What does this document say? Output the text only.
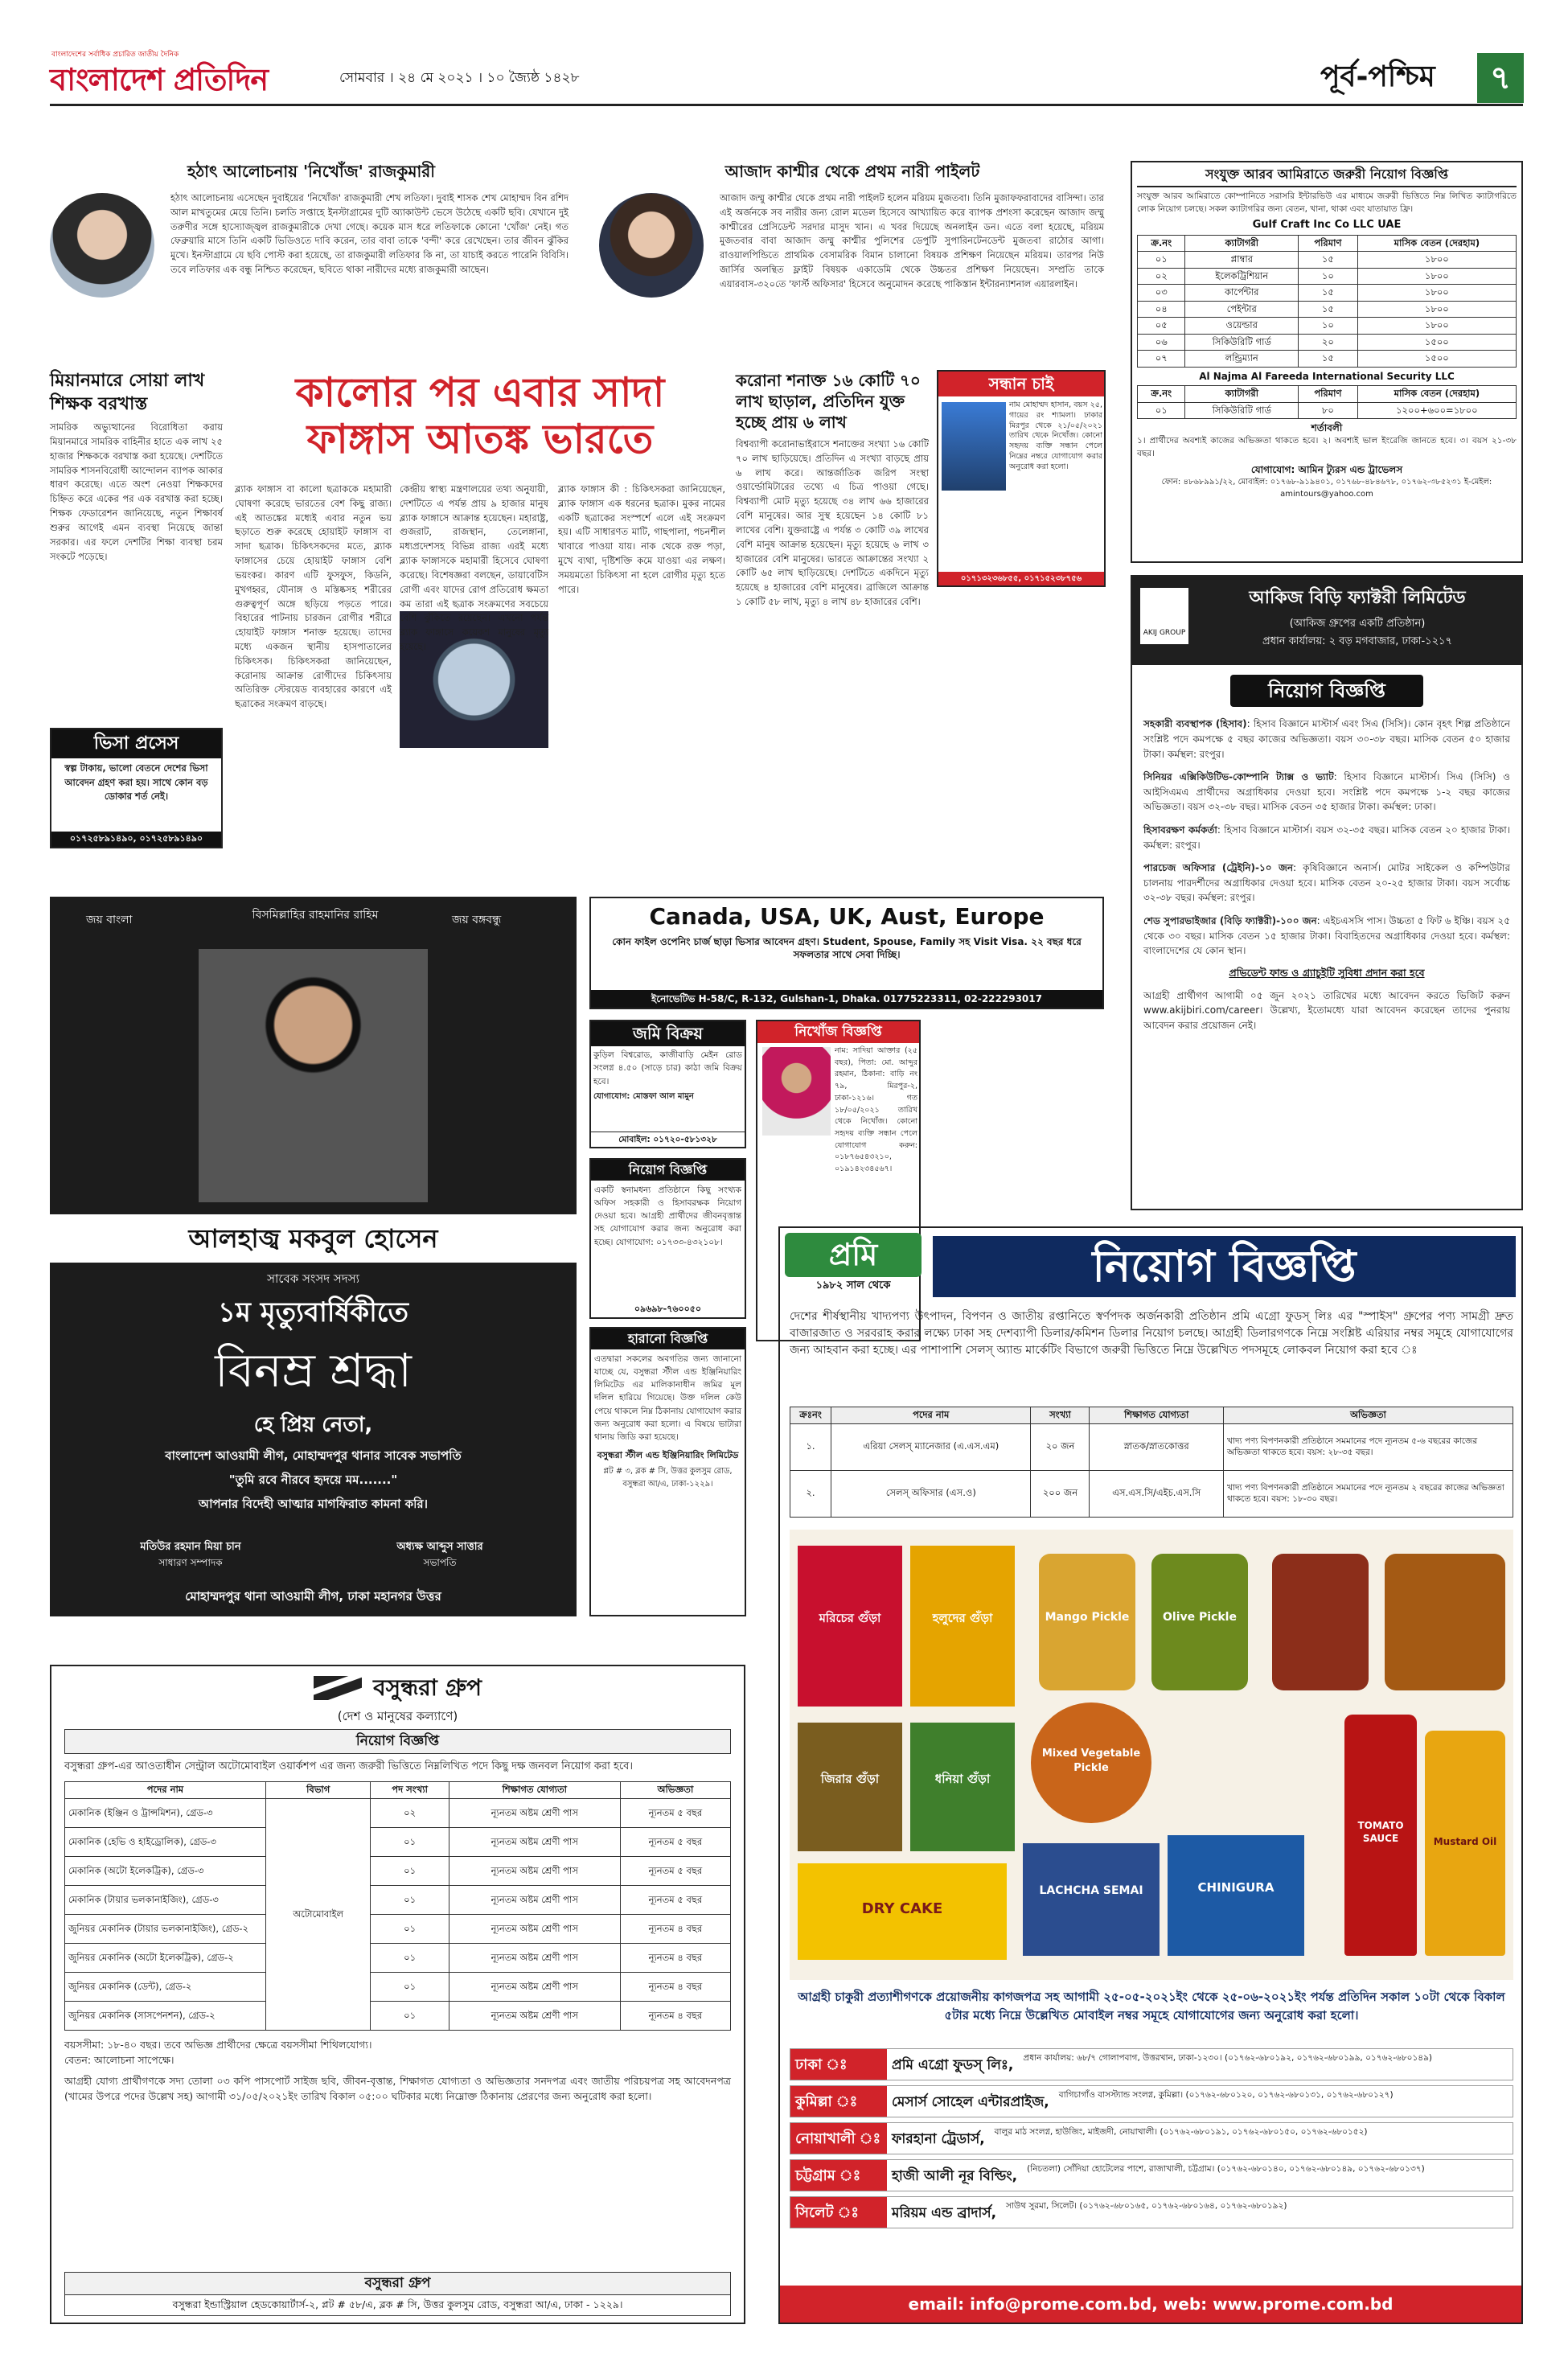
বাংলাদেশের সর্বাধিক প্রচারিত জাতীয় দৈনিক
বাংলাদেশ প্রতিদিন	সোমবার । ২৪ মে ২০২১ । ১০ জ্যৈষ্ঠ ১৪২৮	পূর্ব-পশ্চিম	৭
হঠাৎ আলোচনায় 'নিখোঁজ' রাজকুমারী
হঠাৎ আলোচনায় এসেছেন দুবাইয়ের 'নিখোঁজ' রাজকুমারী শেখ লতিফা। দুবাই শাসক শেখ মোহাম্মদ বিন রশিদ আল মাখতুমের মেয়ে তিনি। চলতি সপ্তাহে ইনস্টাগ্রামের দুটি অ্যাকাউন্ট ভেসে উঠেছে একটি ছবি। যেখানে দুই তরুণীর সঙ্গে হাস্যোজ্জ্বল রাজকুমারীকে দেখা গেছে। কয়েক মাস ধরে লতিফাকে কোনো 'খোঁজ' নেই। গত ফেব্রুয়ারি মাসে তিনি একটি ভিডিওতে দাবি করেন, তার বাবা তাকে 'বন্দী' করে রেখেছেন। তার জীবন ঝুঁকির মুখে। ইনস্টাগ্রামে যে ছবি পোস্ট করা হয়েছে, তা রাজকুমারী লতিফার কি না, তা যাচাই করতে পারেনি বিবিসি। তবে লতিফার এক বন্ধু নিশ্চিত করেছেন, ছবিতে থাকা নারীদের মধ্যে রাজকুমারী আছেন।
আজাদ কাশ্মীর থেকে প্রথম নারী পাইলট
আজাদ জম্মু কাশ্মীর থেকে প্রথম নারী পাইলট হলেন মরিয়ম মুজতবা। তিনি মুজাফফরাবাদের বাসিন্দা। তার এই অর্জনকে সব নারীর জন্য রোল মডেল হিসেবে আখ্যায়িত করে ব্যাপক প্রশংসা করেছেন আজাদ জম্মু কাশ্মীরের প্রেসিডেন্ট সরদার মাসুদ খান। এ খবর দিয়েছে অনলাইন ডন। এতে বলা হয়েছে, মরিয়ম মুজতবার বাবা আজাদ জম্মু কাশ্মীর পুলিশের ডেপুটি সুপারিনটেনডেন্ট মুজতবা রাঠোর আগা। রাওয়ালপিন্ডিতে প্রাথমিক বেসামরিক বিমান চালানো বিষয়ক প্রশিক্ষণ নিয়েছেন মরিয়ম। তারপর নিউ জার্সির অলন্থিত ফ্লাইট বিষয়ক একাডেমি থেকে উচ্চতর প্রশিক্ষণ নিয়েছেন। সম্প্রতি তাকে এয়ারবাস-৩২০তে 'ফার্স্ট অফিসার' হিসেবে অনুমোদন করেছে পাকিস্তান ইন্টারন্যাশনাল এয়ারলাইন।
সংযুক্ত আরব আমিরাতে জরুরী নিয়োগ বিজ্ঞপ্তি
সংযুক্ত আরব আমিরাতে কোম্পানিতে সরাসরি ইন্টারভিউ এর মাধ্যমে জরুরী ভিত্তিতে নিম্ন লিখিত ক্যাটাগরিতে লোক নিয়োগ চলছে। সকল ক্যাটাগরির জন্য বেতন, খানা, থাকা এবং যাতায়াত ফ্রি।
Gulf Craft Inc Co LLC UAE
ক্র.নং	ক্যাটাগরী	পরিমাণ	মাসিক বেতন (দেরহাম)
০১	প্লাম্বার	১৫	১৮০০
০২	ইলেকট্রিশিয়ান	১০	১৮০০
০৩	কার্পেন্টার	১৫	১৮০০
০৪	পেইন্টার	১৫	১৮০০
০৫	ওয়েল্ডার	১০	১৮০০
০৬	সিকিউরিটি গার্ড	২০	১৫০০
০৭	লন্ড্রিম্যান	১৫	১৫০০
Al Najma Al Fareeda International Security LLC
ক্র.নং	ক্যাটাগরী	পরিমাণ	মাসিক বেতন (দেরহাম)
০১	সিকিউরিটি গার্ড	৮০	১২০০+৬০০=১৮০০
শর্তাবলী
১। প্রার্থীদের অবশ্যই কাজের অভিজ্ঞতা থাকতে হবে। ২। অবশ্যই ভাল ইংরেজি জানতে হবে। ৩। বয়স ২১-৩৮ বছর।
যোগাযোগ: আমিন ট্যুরস এন্ড ট্রাভেলস
ফোন: ৪৮৬৮৯৯১/২২, মোবাইল: ০১৭৬৮-৯১৯৪০১, ০১৭৬৮-৪৮৪৬৭৮, ০১৭৬২-৩৮৫২৩১ ই-মেইল: amintours@yahoo.com
মিয়ানমারে সোয়া লাখ শিক্ষক বরখাস্ত
সামরিক অভ্যুত্থানের বিরোধিতা করায় মিয়ানমারে সামরিক বাহিনীর হাতে এক লাখ ২৫ হাজার শিক্ষককে বরখাস্ত করা হয়েছে। দেশটিতে সামরিক শাসনবিরোধী আন্দোলন ব্যাপক আকার ধারণ করেছে। এতে অংশ নেওয়া শিক্ষকদের চিহ্নিত করে একের পর এক বরখাস্ত করা হচ্ছে। শিক্ষক ফেডারেশন জানিয়েছে, নতুন শিক্ষাবর্ষ শুরুর আগেই এমন ব্যবস্থা নিয়েছে জান্তা সরকার। এর ফলে দেশটির শিক্ষা ব্যবস্থা চরম সংকটে পড়েছে।
ভিসা প্রসেস
স্বল্প টাকায়, ভালো বেতনে দেশের ভিসা আবেদন গ্রহণ করা হয়। সাথে কোন বড় ডোকার শর্ত নেই।
০১৭২৫৮৯১৪৯০, ০১৭২৫৮৯১৪৯০
কালোর পর এবার সাদা
ফাঙ্গাস আতঙ্ক ভারতে
ব্ল্যাক ফাঙ্গাস বা কালো ছত্রাককে মহামারী ঘোষণা করেছে ভারতের বেশ কিছু রাজ্য। এই আতঙ্কের মধ্যেই এবার নতুন ভয় ছড়াতে শুরু করেছে হোয়াইট ফাঙ্গাস বা সাদা ছত্রাক। চিকিৎসকদের মতে, ব্ল্যাক ফাঙ্গাসের চেয়ে হোয়াইট ফাঙ্গাস বেশি ভয়ংকর। কারণ এটি ফুসফুস, কিডনি, মুখগহ্বর, যৌনাঙ্গ ও মস্তিষ্কসহ শরীরের গুরুত্বপূর্ণ অঙ্গে ছড়িয়ে পড়তে পারে। বিহারের পাটনায় চারজন রোগীর শরীরে হোয়াইট ফাঙ্গাস শনাক্ত হয়েছে। তাদের মধ্যে একজন স্থানীয় হাসপাতালের চিকিৎসক। চিকিৎসকরা জানিয়েছেন, করোনায় আক্রান্ত রোগীদের চিকিৎসায় অতিরিক্ত স্টেরয়েড ব্যবহারের কারণে এই ছত্রাকের সংক্রমণ বাড়ছে।
কেন্দ্রীয় স্বাস্থ্য মন্ত্রণালয়ের তথ্য অনুযায়ী, দেশটিতে এ পর্যন্ত প্রায় ৯ হাজার মানুষ ব্ল্যাক ফাঙ্গাসে আক্রান্ত হয়েছেন। মহারাষ্ট্র, গুজরাট, রাজস্থান, তেলেঙ্গানা, মধ্যপ্রদেশসহ বিভিন্ন রাজ্য এরই মধ্যে ব্ল্যাক ফাঙ্গাসকে মহামারী হিসেবে ঘোষণা করেছে। বিশেষজ্ঞরা বলছেন, ডায়াবেটিস রোগী এবং যাদের রোগ প্রতিরোধ ক্ষমতা কম তারা এই ছত্রাক সংক্রমণের সবচেয়ে বেশি ঝুঁকিতে রয়েছেন। এখনো পর্যন্ত ব্ল্যাক ফাঙ্গাসে কয়েকশ মানুষের মৃত্যু হয়েছে।
ব্ল্যাক ফাঙ্গাস কী : চিকিৎসকরা জানিয়েছেন, ব্ল্যাক ফাঙ্গাস এক ধরনের ছত্রাক। মুকর নামের একটি ছত্রাকের সংস্পর্শে এলে এই সংক্রমণ হয়। এটি সাধারণত মাটি, গাছপালা, পচনশীল খাবারে পাওয়া যায়। নাক থেকে রক্ত পড়া, মুখে ব্যথা, দৃষ্টিশক্তি কমে যাওয়া এর লক্ষণ। সময়মতো চিকিৎসা না হলে রোগীর মৃত্যু হতে পারে।
করোনা শনাক্ত ১৬ কোটি ৭০ লাখ ছাড়াল, প্রতিদিন যুক্ত হচ্ছে প্রায় ৬ লাখ
বিশ্বব্যাপী করোনাভাইরাসে শনাক্তের সংখ্যা ১৬ কোটি ৭০ লাখ ছাড়িয়েছে। প্রতিদিন এ সংখ্যা বাড়ছে প্রায় ৬ লাখ করে। আন্তর্জাতিক জরিপ সংস্থা ওয়ার্ল্ডোমিটারের তথ্যে এ চিত্র পাওয়া গেছে। বিশ্বব্যাপী মোট মৃত্যু হয়েছে ৩৪ লাখ ৬৬ হাজারের বেশি মানুষের। আর সুস্থ হয়েছেন ১৪ কোটি ৮১ লাখের বেশি। যুক্তরাষ্ট্রে এ পর্যন্ত ৩ কোটি ৩৯ লাখের বেশি মানুষ আক্রান্ত হয়েছেন। মৃত্যু হয়েছে ৬ লাখ ৩ হাজারের বেশি মানুষের। ভারতে আক্রান্তের সংখ্যা ২ কোটি ৬৫ লাখ ছাড়িয়েছে। দেশটিতে একদিনে মৃত্যু হয়েছে ৪ হাজারের বেশি মানুষের। ব্রাজিলে আক্রান্ত ১ কোটি ৫৮ লাখ, মৃত্যু ৪ লাখ ৪৮ হাজারের বেশি।
সন্ধান চাই
নাম মোহাম্মদ হাসান, বয়স ২৫, গায়ের রং শ্যামলা। ঢাকার মিরপুর থেকে ২১/০৫/২০২১ তারিখ থেকে নিখোঁজ। কোনো সহৃদয় ব্যক্তি সন্ধান পেলে নিম্নের নম্বরে যোগাযোগ করার অনুরোধ করা হলো।
০১৭১৩২৩৬৮৫৫, ০১৭১৫২৩৮৭৫৬
AKIJ GROUP
আকিজ বিড়ি ফ্যাক্টরী লিমিটেড
(আকিজ গ্রুপের একটি প্রতিষ্ঠান)
প্রধান কার্যালয়: ২ বড় মগবাজার, ঢাকা-১২১৭
নিয়োগ বিজ্ঞপ্তি
সহকারী ব্যবস্থাপক (হিসাব): হিসাব বিজ্ঞানে মাস্টার্স এবং সিএ (সিসি)। কোন বৃহৎ শিল্প প্রতিষ্ঠানে সংশ্লিষ্ট পদে কমপক্ষে ৫ বছর কাজের অভিজ্ঞতা। বয়স ৩০-৩৮ বছর। মাসিক বেতন ৫০ হাজার টাকা। কর্মস্থল: রংপুর।
সিনিয়র এক্সিকিউটিভ-কোম্পানি ট্যাক্স ও ভ্যাট: হিসাব বিজ্ঞানে মাস্টার্স। সিএ (সিসি) ও আইসিএমএ প্রার্থীদের অগ্রাধিকার দেওয়া হবে। সংশ্লিষ্ট পদে কমপক্ষে ১-২ বছর কাজের অভিজ্ঞতা। বয়স ৩২-৩৮ বছর। মাসিক বেতন ৩৫ হাজার টাকা। কর্মস্থল: ঢাকা।
হিসাবরক্ষণ কর্মকর্তা: হিসাব বিজ্ঞানে মাস্টার্স। বয়স ৩২-৩৫ বছর। মাসিক বেতন ২০ হাজার টাকা। কর্মস্থল: রংপুর।
পারচেজ অফিসার (ট্রেইনি)-১০ জন: কৃষিবিজ্ঞানে অনার্স। মোটর সাইকেল ও কম্পিউটার চালনায় পারদর্শীদের অগ্রাধিকার দেওয়া হবে। মাসিক বেতন ২০-২৫ হাজার টাকা। বয়স সর্বোচ্চ ৩২-৩৮ বছর। কর্মস্থল: রংপুর।
শেড সুপারভাইজার (বিড়ি ফ্যাক্টরী)-১০০ জন: এইচএসসি পাস। উচ্চতা ৫ ফিট ৬ ইঞ্চি। বয়স ২৫ থেকে ৩০ বছর। মাসিক বেতন ১৫ হাজার টাকা। বিবাহিতদের অগ্রাধিকার দেওয়া হবে। কর্মস্থল: বাংলাদেশের যে কোন স্থান।
প্রভিডেন্ট ফান্ড ও গ্র্যাচুইটি সুবিধা প্রদান করা হবে
আগ্রহী প্রার্থীগণ আগামী ০৫ জুন ২০২১ তারিখের মধ্যে আবেদন করতে ভিজিট করুন www.akijbiri.com/career। উল্লেখ্য, ইতোমধ্যে যারা আবেদন করেছেন তাদের পুনরায় আবেদন করার প্রয়োজন নেই।
জয় বাংলা	বিসমিল্লাহির রাহমানির রাহিম	জয় বঙ্গবন্ধু
আলহাজ্ব মকবুল হোসেন
সাবেক সংসদ সদস্য
১ম মৃত্যুবার্ষিকীতে
বিনম্র শ্রদ্ধা
হে প্রিয় নেতা,
বাংলাদেশ আওয়ামী লীগ, মোহাম্মদপুর থানার সাবেক সভাপতি
"তুমি রবে নীরবে হৃদয়ে মম......."
আপনার বিদেহী আত্মার মাগফিরাত কামনা করি।
মতিউর রহমান মিয়া চান
সাধারণ সম্পাদক
অধ্যক্ষ আব্দুস সাত্তার
সভাপতি
মোহাম্মদপুর থানা আওয়ামী লীগ, ঢাকা মহানগর উত্তর
Canada, USA, UK, Aust, Europe
কোন ফাইল ওপেনিং চার্জ ছাড়া ভিসার আবেদন গ্রহণ। Student, Spouse, Family সহ Visit Visa. ২২ বছর ধরে সফলতার সাথে সেবা দিচ্ছি।
ইনোভেটিভ H-58/C, R-132, Gulshan-1, Dhaka. 01775223311, 02-222293017
জমি বিক্রয়
কুড়িল বিশ্বরোড, কাজীবাড়ি মেইন রোড সংলগ্ন ৪.৫০ (সাড়ে চার) কাঠা জমি বিক্রয় হবে।
যোগাযোগ: মোস্তফা আল মামুন
মোবাইল: ০১৭২০-৫৮১৩২৮
নিখোঁজ বিজ্ঞপ্তি
নাম: সাদিয়া আক্তার (২৫ বছর), পিতা: মো. আব্দুর রহমান, ঠিকানা: বাড়ি নং ৭৯, মিরপুর-২, ঢাকা-১২১৬। গত ১৮/০৫/২০২১ তারিখ থেকে নিখোঁজ। কোনো সহৃদয় ব্যক্তি সন্ধান পেলে যোগাযোগ করুন: ০১৮৭৬৫৪৩২১০, ০১৯১৪২৩৪৫৬৭।
নিয়োগ বিজ্ঞপ্তি
একটি স্বনামধন্য প্রতিষ্ঠানে কিছু সংখ্যক অফিস সহকারী ও হিসাবরক্ষক নিয়োগ দেওয়া হবে। আগ্রহী প্রার্থীদের জীবনবৃত্তান্ত সহ যোগাযোগ করার জন্য অনুরোধ করা হচ্ছে। যোগাযোগ: ০১৭৩৩-৪৩২১০৮।
০৯৬৯৮-৭৬০০৫০
হারানো বিজ্ঞপ্তি
এতদ্বারা সকলের অবগতির জন্য জানানো যাচ্ছে যে, বসুন্ধরা স্টীল এন্ড ইঞ্জিনিয়ারিং লিমিটেড এর মালিকানাধীন জমির মূল দলিল হারিয়ে গিয়েছে। উক্ত দলিল কেউ পেয়ে থাকলে নিম্ন ঠিকানায় যোগাযোগ করার জন্য অনুরোধ করা হলো। এ বিষয়ে ভাটারা থানায় জিডি করা হয়েছে।
বসুন্ধরা স্টীল এন্ড ইঞ্জিনিয়ারিং লিমিটেড
প্লট # ৩, ব্লক # সি, উত্তর কুলসুম রোড, বসুন্ধরা আ/এ, ঢাকা-১২২৯।
বসুন্ধরা গ্রুপ
(দেশ ও মানুষের কল্যাণে)
নিয়োগ বিজ্ঞপ্তি
বসুন্ধরা গ্রুপ-এর আওতাধীন সেন্ট্রাল অটোমোবাইল ওয়ার্কশপ এর জন্য জরুরী ভিত্তিতে নিম্নলিখিত পদে কিছু দক্ষ জনবল নিয়োগ করা হবে।
পদের নাম	বিভাগ	পদ সংখ্যা	শিক্ষাগত যোগ্যতা	অভিজ্ঞতা
মেকানিক (ইঞ্জিন ও ট্রান্সমিশন), গ্রেড-৩	অটোমোবাইল	০২	ন্যূনতম অষ্টম শ্রেণী পাস	ন্যূনতম ৫ বছর
মেকানিক (হেভি ও হাইড্রোলিক), গ্রেড-৩		০১	ন্যূনতম অষ্টম শ্রেণী পাস	ন্যূনতম ৫ বছর
মেকানিক (অটো ইলেকট্রিক), গ্রেড-৩		০১	ন্যূনতম অষ্টম শ্রেণী পাস	ন্যূনতম ৫ বছর
মেকানিক (টায়ার ভলকানাইজিং), গ্রেড-৩		০১	ন্যূনতম অষ্টম শ্রেণী পাস	ন্যূনতম ৫ বছর
জুনিয়র মেকানিক (টায়ার ভলকানাইজিং), গ্রেড-২		০১	ন্যূনতম অষ্টম শ্রেণী পাস	ন্যূনতম ৪ বছর
জুনিয়র মেকানিক (অটো ইলেকট্রিক), গ্রেড-২		০১	ন্যূনতম অষ্টম শ্রেণী পাস	ন্যূনতম ৪ বছর
জুনিয়র মেকানিক (ডেন্ট), গ্রেড-২		০১	ন্যূনতম অষ্টম শ্রেণী পাস	ন্যূনতম ৪ বছর
জুনিয়র মেকানিক (সাসপেনশন), গ্রেড-২		০১	ন্যূনতম অষ্টম শ্রেণী পাস	ন্যূনতম ৪ বছর
বয়সসীমা: ১৮-৪০ বছর। তবে অভিজ্ঞ প্রার্থীদের ক্ষেত্রে বয়সসীমা শিথিলযোগ্য।
বেতন: আলোচনা সাপেক্ষে।
আগ্রহী যোগ্য প্রার্থীগণকে সদ্য তোলা ০৩ কপি পাসপোর্ট সাইজ ছবি, জীবন-বৃত্তান্ত, শিক্ষাগত যোগ্যতা ও অভিজ্ঞতার সনদপত্র এবং জাতীয় পরিচয়পত্র সহ আবেদনপত্র (খামের উপরে পদের উল্লেখ সহ) আগামী ৩১/০৫/২০২১ইং তারিখ বিকাল ০৫:০০ ঘটিকার মধ্যে নিম্নোক্ত ঠিকানায় প্রেরণের জন্য অনুরোধ করা হলো।
বসুন্ধরা গ্রুপ
বসুন্ধরা ইন্ডাস্ট্রিয়াল হেডকোয়ার্টার্স-২, প্লট # ৫৮/এ, ব্লক # সি, উত্তর কুলসুম রোড, বসুন্ধরা আ/এ, ঢাকা - ১২২৯।
প্রমি
১৯৮২ সাল থেকে	নিয়োগ বিজ্ঞপ্তি
দেশের শীর্ষস্থানীয় খাদ্যপণ্য উৎপাদন, বিপণন ও জাতীয় রপ্তানিতে স্বর্ণপদক অর্জনকারী প্রতিষ্ঠান প্রমি এগ্রো ফুডস্ লিঃ এর "স্পাইস" গ্রুপের পণ্য সামগ্রী দ্রুত বাজারজাত ও সরবরাহ করার লক্ষ্যে ঢাকা সহ দেশব্যাপী ডিলার/কমিশন ডিলার নিয়োগ চলছে। আগ্রহী ডিলারগণকে নিম্নে সংশ্লিষ্ট এরিয়ার নম্বর সমূহে যোগাযোগের জন্য আহবান করা হচ্ছে। এর পাশাপাশি সেলস্ অ্যান্ড মার্কেটিং বিভাগে জরুরী ভিত্তিতে নিম্নে উল্লেখিত পদসমূহে লোকবল নিয়োগ করা হবে ঃ
ক্রঃনং	পদের নাম	সংখ্যা	শিক্ষাগত যোগ্যতা	অভিজ্ঞতা
১.	এরিয়া সেলস্ ম্যানেজার (এ.এস.এম)	২০ জন	স্নাতক/স্নাতকোত্তর	খাদ্য পণ্য বিপণনকারী প্রতিষ্ঠানে সমমানের পদে ন্যূনতম ৫-৬ বছরের কাজের অভিজ্ঞতা থাকতে হবে। বয়স: ২৮-৩৫ বছর।
২.	সেলস্ অফিসার (এস.ও)	২০০ জন	এস.এস.সি/এইচ.এস.সি	খাদ্য পণ্য বিপণনকারী প্রতিষ্ঠানে সমমানের পদে ন্যূনতম ২ বছরের কাজের অভিজ্ঞতা থাকতে হবে। বয়স: ১৮-৩০ বছর।
মরিচের গুঁড়া	হলুদের গুঁড়া	Mango Pickle	Olive Pickle
জিরার গুঁড়া	ধনিয়া গুঁড়া
Mixed Vegetable Pickle
CHINIGURA
LACHCHA SEMAI
DRY CAKE
TOMATO SAUCE	Mustard Oil
আগ্রহী চাকুরী প্রত্যাশীগণকে প্রয়োজনীয় কাগজপত্র সহ আগামী ২৫-০৫-২০২১ইং থেকে ২৫-০৬-২০২১ইং পর্যন্ত প্রতিদিন সকাল ১০টা থেকে বিকাল ৫টার মধ্যে নিম্নে উল্লেখিত মোবাইল নম্বর সমূহে যোগাযোগের জন্য অনুরোধ করা হলো।
ঢাকা ঃ	প্রমি এগ্রো ফুডস্ লিঃ,	প্রধান কার্যালয়: ৬৮/৭ গোলাপবাগ, উত্তরখান, ঢাকা-১২৩০। (০১৭৬২-৬৮০১৯২, ০১৭৬২-৬৮০১৯৯, ০১৭৬২-৬৮০১৪৯)
কুমিল্লা ঃ	মেসার্স সোহেল এন্টারপ্রাইজ,	বাগিচাগাঁও বাসস্ট্যান্ড সংলগ্ন, কুমিল্লা। (০১৭৬২-৬৮০১২০, ০১৭৬২-৬৮০১৩১, ০১৭৬২-৬৮০১২৭)
নোয়াখালী ঃ ফারহানা ট্রেডার্স,	বালুর মাঠ সংলগ্ন, হাউজিং, মাইজদী, নোয়াখালী। (০১৭৬২-৬৮০১৯১, ০১৭৬২-৬৮০১৫০, ০১৭৬২-৬৮০১৫২)
চট্টগ্রাম ঃ	হাজী আলী নূর বিল্ডিং,	(নিচতলা) সোঁদিয়া হোটেলের পাশে, রাজাখালী, চট্টগ্রাম। (০১৭৬২-৬৮০১৪০, ০১৭৬২-৬৮০১৪৯, ০১৭৬২-৬৮০১৩৭)
সিলেট ঃ	মরিয়ম এন্ড ব্রাদার্স,	সাউথ সুরমা, সিলেট। (০১৭৬২-৬৮০১৬৫, ০১৭৬২-৬৮০১৬৪, ০১৭৬২-৬৮০১৯২)
email: info@prome.com.bd, web: www.prome.com.bd
